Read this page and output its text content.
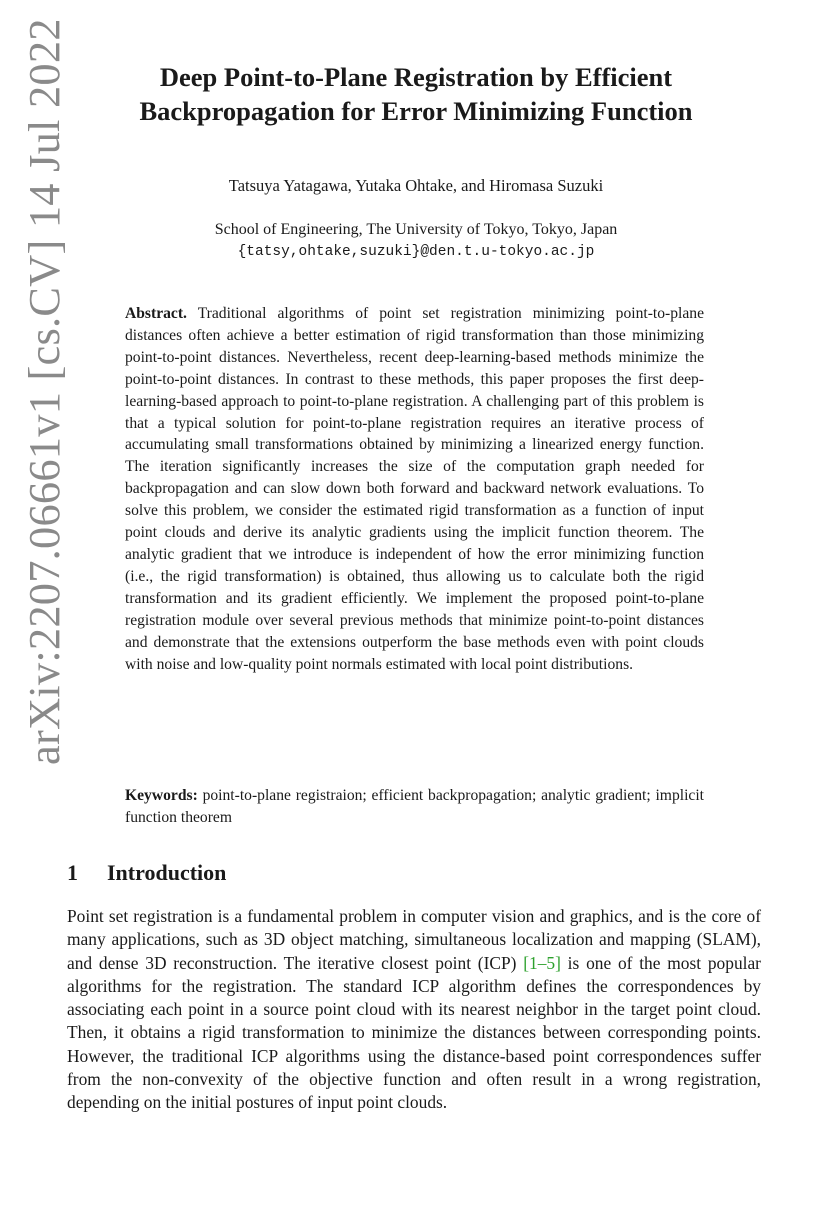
arXiv:2207.06661v1 [cs.CV] 14 Jul 2022	Deep Point-to-Plane Registration by Efficient
Backpropagation for Error Minimizing Function
Tatsuya Yatagawa, Yutaka Ohtake, and Hiromasa Suzuki
School of Engineering, The University of Tokyo, Tokyo, Japan
{tatsy,ohtake,suzuki}@den.t.u-tokyo.ac.jp
Abstract. Traditional algorithms of point set registration minimizing point-to-plane distances often achieve a better estimation of rigid transformation than those minimizing point-to-point distances. Nevertheless, recent deep-learning-based methods minimize the point-to-point distances. In contrast to these methods, this paper proposes the first deep-learning-based approach to point-to-plane registration. A challenging part of this problem is that a typical solution for point-to-plane registration requires an iterative process of accumulating small transformations obtained by minimizing a linearized energy function. The iteration significantly increases the size of the computation graph needed for backpropagation and can slow down both forward and backward network evaluations. To solve this problem, we consider the estimated rigid transformation as a function of input point clouds and derive its analytic gradients using the implicit function theorem. The analytic gradient that we introduce is independent of how the error minimizing function (i.e., the rigid transformation) is obtained, thus allowing us to calculate both the rigid transformation and its gradient efficiently. We implement the proposed point-to-plane registration module over several previous methods that minimize point-to-point distances and demonstrate that the extensions outperform the base methods even with point clouds with noise and low-quality point normals estimated with local point distributions.
Keywords: point-to-plane registraion; efficient backpropagation; analytic gradient; implicit function theorem
1 Introduction

Point set registration is a fundamental problem in computer vision and graphics, and is the core of many applications, such as 3D object matching, simultaneous localization and mapping (SLAM), and dense 3D reconstruction. The iterative closest point (ICP) [1–5] is one of the most popular algorithms for the registration. The standard ICP algorithm defines the correspondences by associating each point in a source point cloud with its nearest neighbor in the target point cloud. Then, it obtains a rigid transformation to minimize the distances between corresponding points. However, the traditional ICP algorithms using the distance-based point correspondences suffer from the non-convexity of the objective function and often result in a wrong registration, depending on the initial postures of input point clouds.
